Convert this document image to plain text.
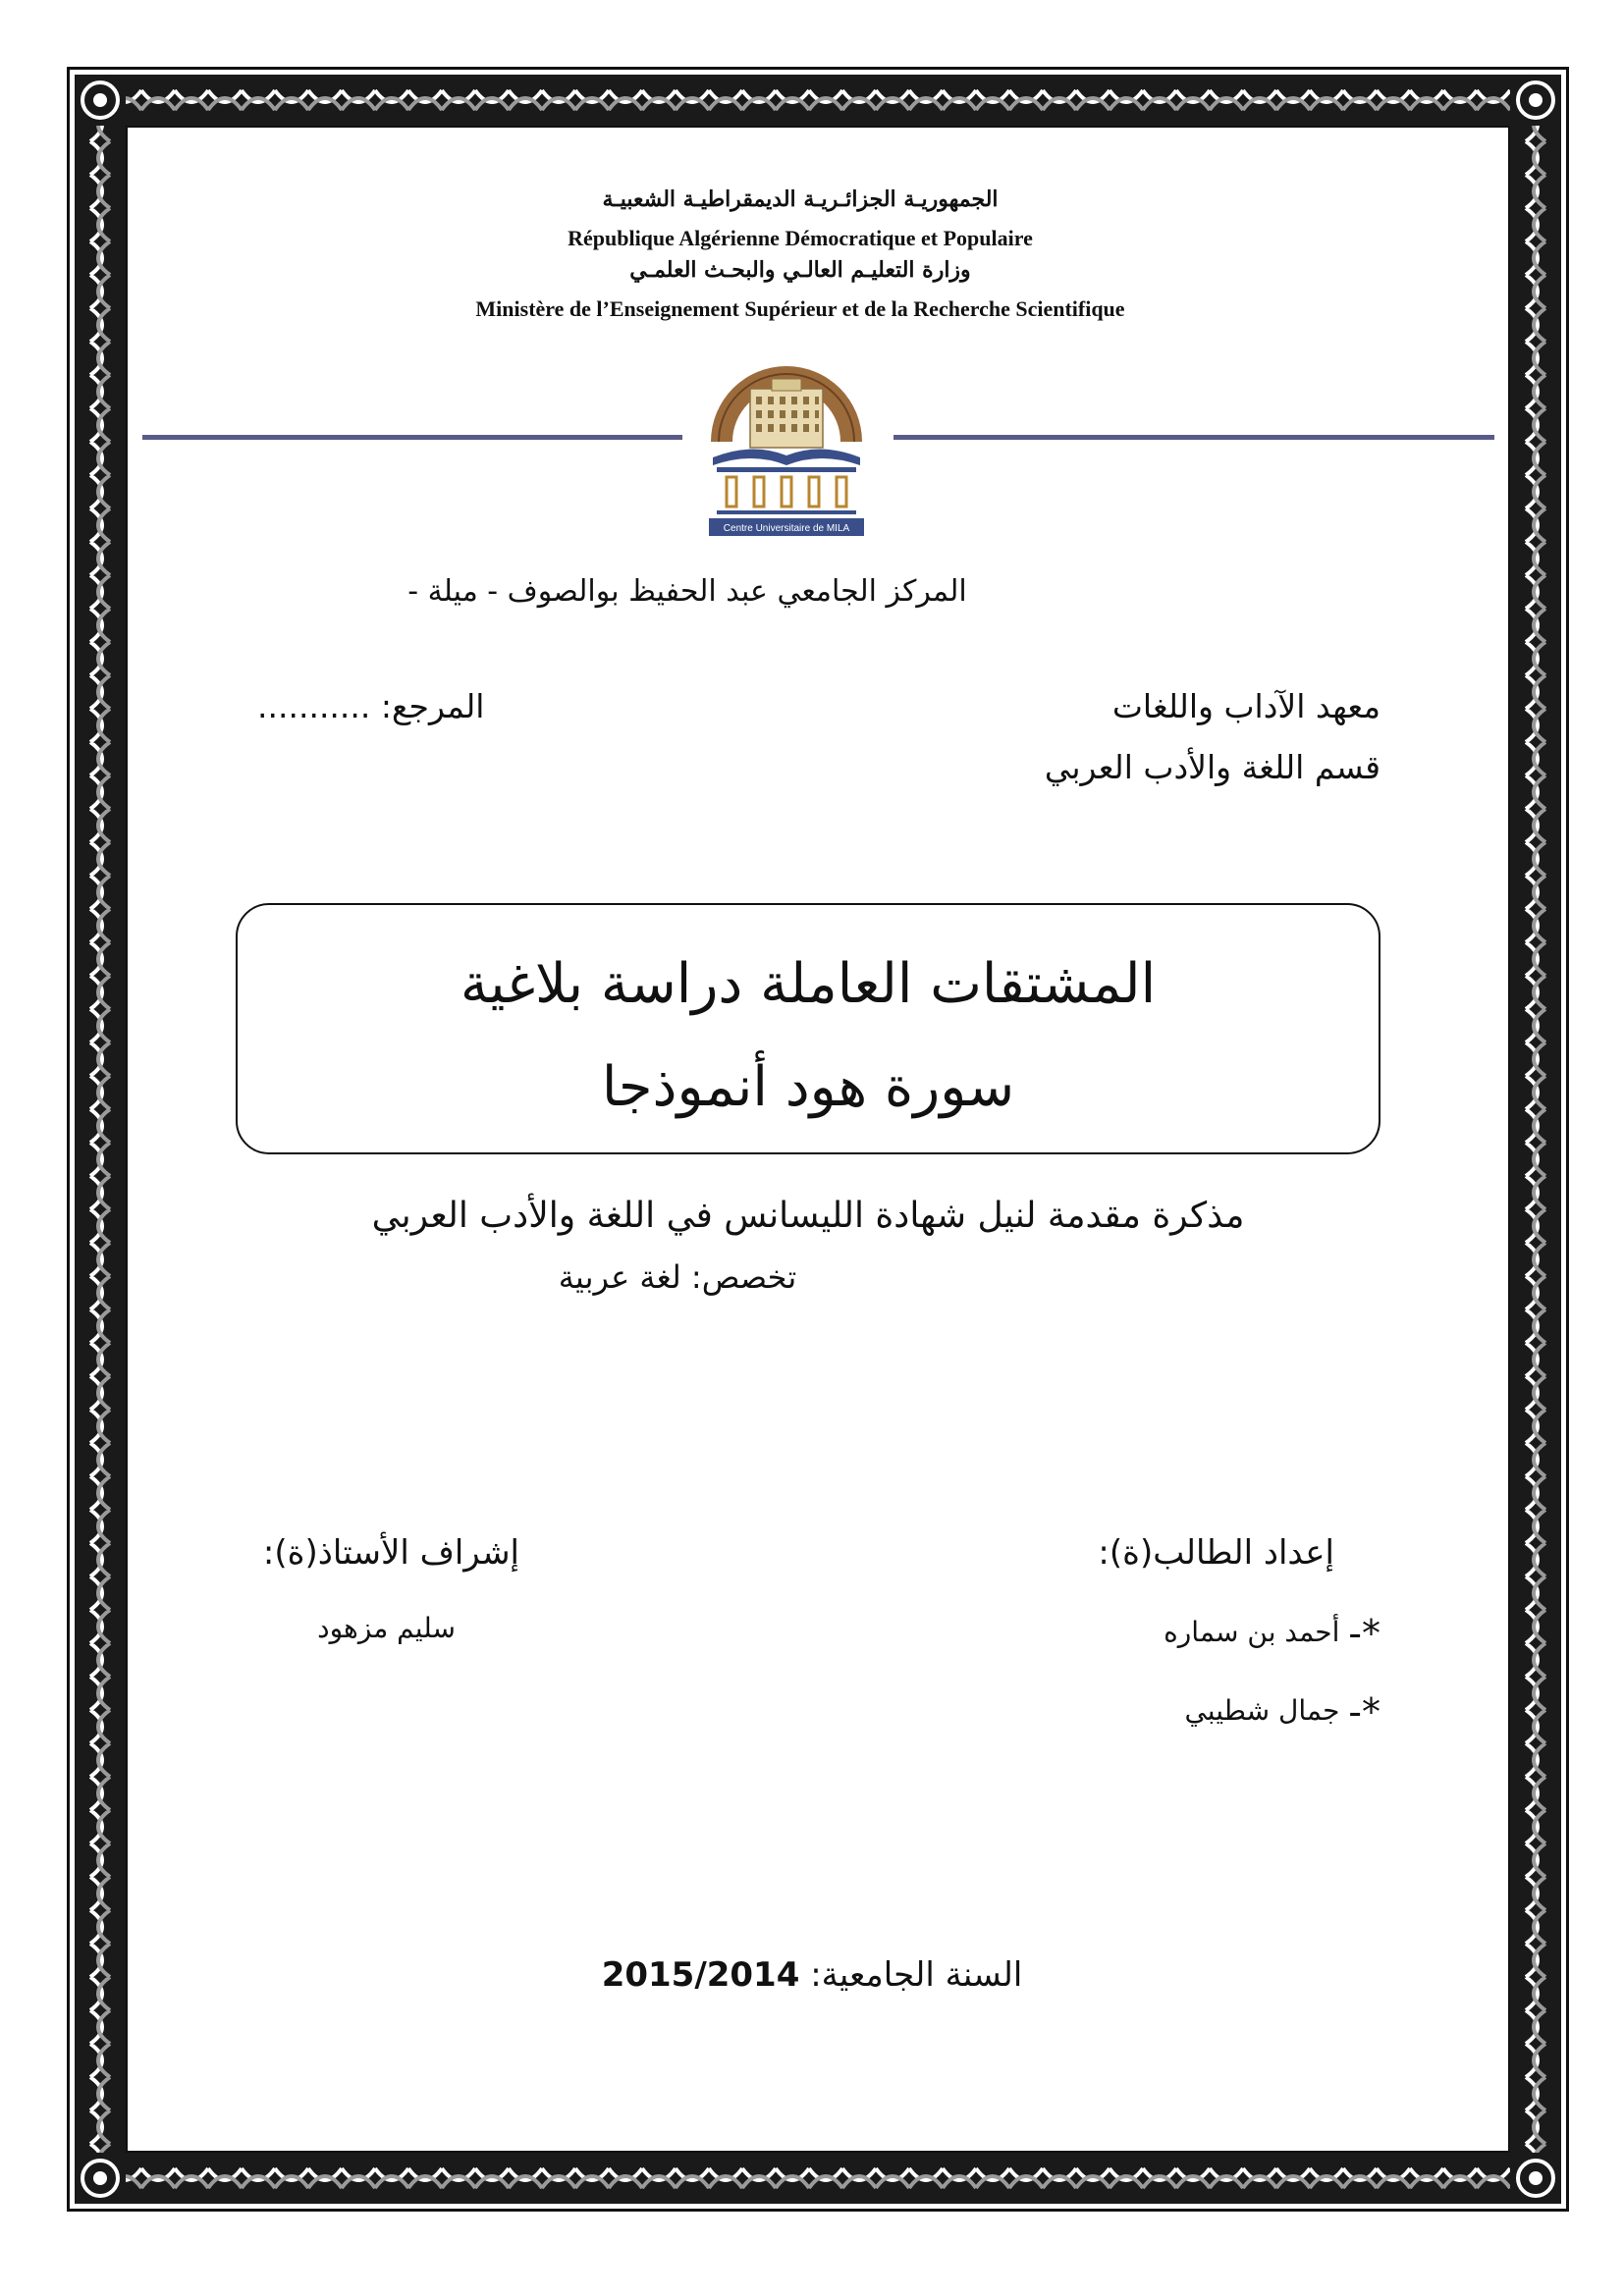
الجمهوريـة الجزائـريـة الديمقراطيـة الشعبيـة
République Algérienne Démocratique et Populaire
وزارة التعليـم العالـي والبحـث العلمـي
Ministère de l’Enseignement Supérieur et de la Recherche Scientifique
Centre Universitaire de MILA
المركز الجامعي عبد الحفيظ بوالصوف - ميلة -
معهد الآداب واللغات
قسم اللغة والأدب العربي
المرجع: ...........
المشتقات العاملة دراسة بلاغية
سورة هود أنموذجا
مذكرة مقدمة لنيل شهادة الليسانس في اللغة والأدب العربي
تخصص: لغة عربية
إعداد الطالب(ة):
إشراف الأستاذ(ة):
*- أحمد بن سماره
*- جمال شطيبي
سليم مزهود
السنة الجامعية: 2015/2014
